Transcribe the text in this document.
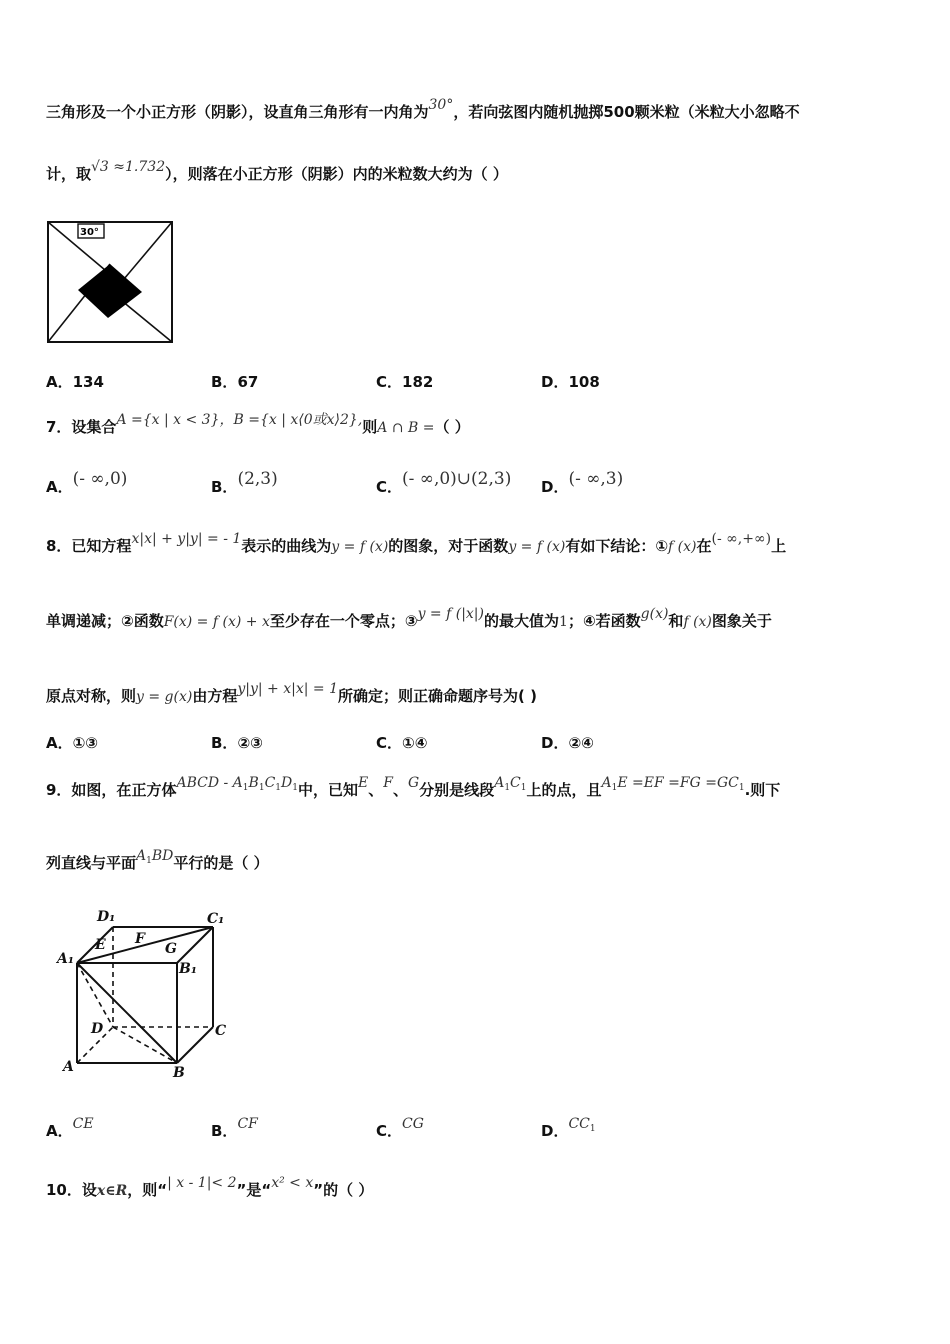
三角形及一个小正方形（阴影），设直角三角形有一内角为30°，若向弦图内随机抛掷500颗米粒（米粒大小忽略不
计，取√3 ≈1.732），则落在小正方形（阴影）内的米粒数大约为（ ）
30°
A．134	B．67	C．182	D．108
7．设集合A ={x | x < 3}，B ={x | x⟨0或x⟩2},则A ∩ B =（ ）
A．(- ∞,0)	B．(2,3)	C．(- ∞,0)∪(2,3) D．(- ∞,3)
8．已知方程x|x| + y|y| = - 1表示的曲线为y = f (x)的图象，对于函数y = f (x)有如下结论：①f (x)在(- ∞,+∞)上
单调递减；②函数F(x) = f (x) + x至少存在一个零点；③y = f (|x|)的最大值为1；④若函数g(x)和f (x)图象关于
原点对称，则y = g(x)由方程y|y| + x|x| = 1所确定；则正确命题序号为( )
A．①③	B．②③	C．①④	D．②④
9．如图，在正方体ABCD - $A_1B_1C_1D_1$中，已知E、F、G分别是线段$A_1C_1$上的点，且$A_1E =EF =FG =GC_1$.则下
列直线与平面$A_1BD$平行的是（ ）
D₁	C₁
A₁
B₁
E F
G
D	C
A	B
A．CE	B．CF	C．CG	D．$CC_1$
10．设x∈R，则“| x - 1|< 2”是“x² < x”的（ ）
